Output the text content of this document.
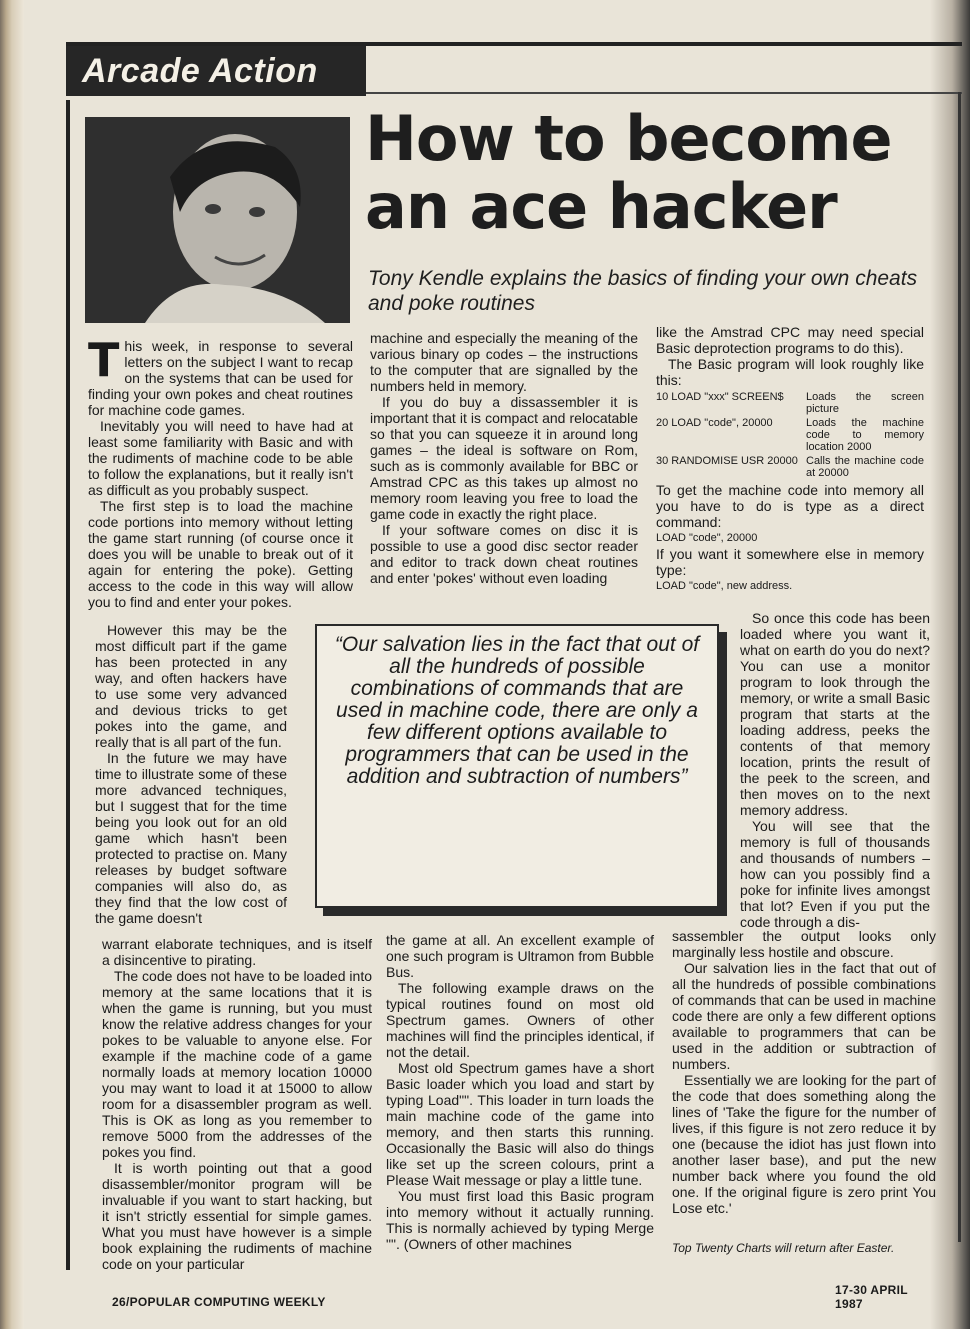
Arcade Action
How to become
an ace hacker

Tony Kendle explains the basics of finding your own cheats and poke routines

This week, in response to several letters on the subject I want to recap on the systems that can be used for finding your own pokes and cheat routines for machine code games.

Inevitably you will need to have had at least some familiarity with Basic and with the rudiments of machine code to be able to follow the explanations, but it really isn't as difficult as you probably suspect.

The first step is to load the machine code portions into memory without letting the game start running (of course once it does you will be unable to break out of it again for entering the poke). Getting access to the code in this way will allow you to find and enter your pokes.

However this may be the most difficult part if the game has been protected in any way, and often hackers have to use some very advanced and devious tricks to get pokes into the game, and really that is all part of the fun.

In the future we may have time to illustrate some of these more advanced techniques, but I suggest that for the time being you look out for an old game which hasn't been protected to practise on. Many releases by budget software companies will also do, as they find that the low cost of the game doesn't

warrant elaborate techniques, and is itself a disincentive to pirating.

The code does not have to be loaded into memory at the same locations that it is when the game is running, but you must know the relative address changes for your pokes to be valuable to anyone else. For example if the machine code of a game normally loads at memory location 10000 you may want to load it at 15000 to allow room for a disassembler program as well. This is OK as long as you remember to remove 5000 from the addresses of the pokes you find.

It is worth pointing out that a good disassembler/monitor program will be invaluable if you want to start hacking, but it isn't strictly essential for simple games. What you must have however is a simple book explaining the rudiments of machine code on your particular

machine and especially the meaning of the various binary op codes – the instructions to the computer that are signalled by the numbers held in memory.

If you do buy a dissassembler it is important that it is compact and relocatable so that you can squeeze it in around long games – the ideal is software on Rom, such as is commonly available for BBC or Amstrad CPC as this takes up almost no memory room leaving you free to load the game code in exactly the right place.

If your software comes on disc it is possible to use a good disc sector reader and editor to track down cheat routines and enter 'pokes' without even loading

the game at all. An excellent example of one such program is Ultramon from Bubble Bus.

The following example draws on the typical routines found on most old Spectrum games. Owners of other machines will find the principles identical, if not the detail.

Most old Spectrum games have a short Basic loader which you load and start by typing Load"". This loader in turn loads the main machine code of the game into memory, and then starts this running. Occasionally the Basic will also do things like set up the screen colours, print a Please Wait message or play a little tune.

You must first load this Basic program into memory without it actually running. This is normally achieved by typing Merge "". (Owners of other machines

like the Amstrad CPC may need special Basic deprotection programs to do this).

The Basic program will look roughly like this:

10 LOAD "xxx" SCREEN$	Loads the screen picture
20 LOAD "code", 20000	Loads the machine code to memory location 2000
30 RANDOMISE USR 20000	Calls the machine code at 20000

To get the machine code into memory all you have to do is type as a direct command:

LOAD "code", 20000

If you want it somewhere else in memory type:

LOAD "code", new address.

So once this code has been loaded where you want it, what on earth do you do next? You can use a monitor program to look through the memory, or write a small Basic program that starts at the loading address, peeks the contents of that memory location, prints the result of the peek to the screen, and then moves on to the next memory address.

You will see that the memory is full of thousands and thousands of numbers – how can you possibly find a poke for infinite lives amongst that lot? Even if you put the code through a dis-

sassembler the output looks only marginally less hostile and obscure.

Our salvation lies in the fact that out of all the hundreds of possible combinations of commands that can be used in machine code there are only a few different options available to programmers that can be used in the addition or subtraction of numbers.

Essentially we are looking for the part of the code that does something along the lines of 'Take the figure for the number of lives, if this figure is not zero reduce it by one (because the idiot has just flown into another laser base), and put the new number back where you found the old one. If the original figure is zero print You Lose etc.'

Top Twenty Charts will return after Easter.

“Our salvation lies in the fact that out of all the hundreds of possible combinations of commands that are used in machine code, there are only a few different options available to programmers that can be used in the addition and subtraction of numbers”

26/POPULAR COMPUTING WEEKLY
17-30 APRIL 1987
